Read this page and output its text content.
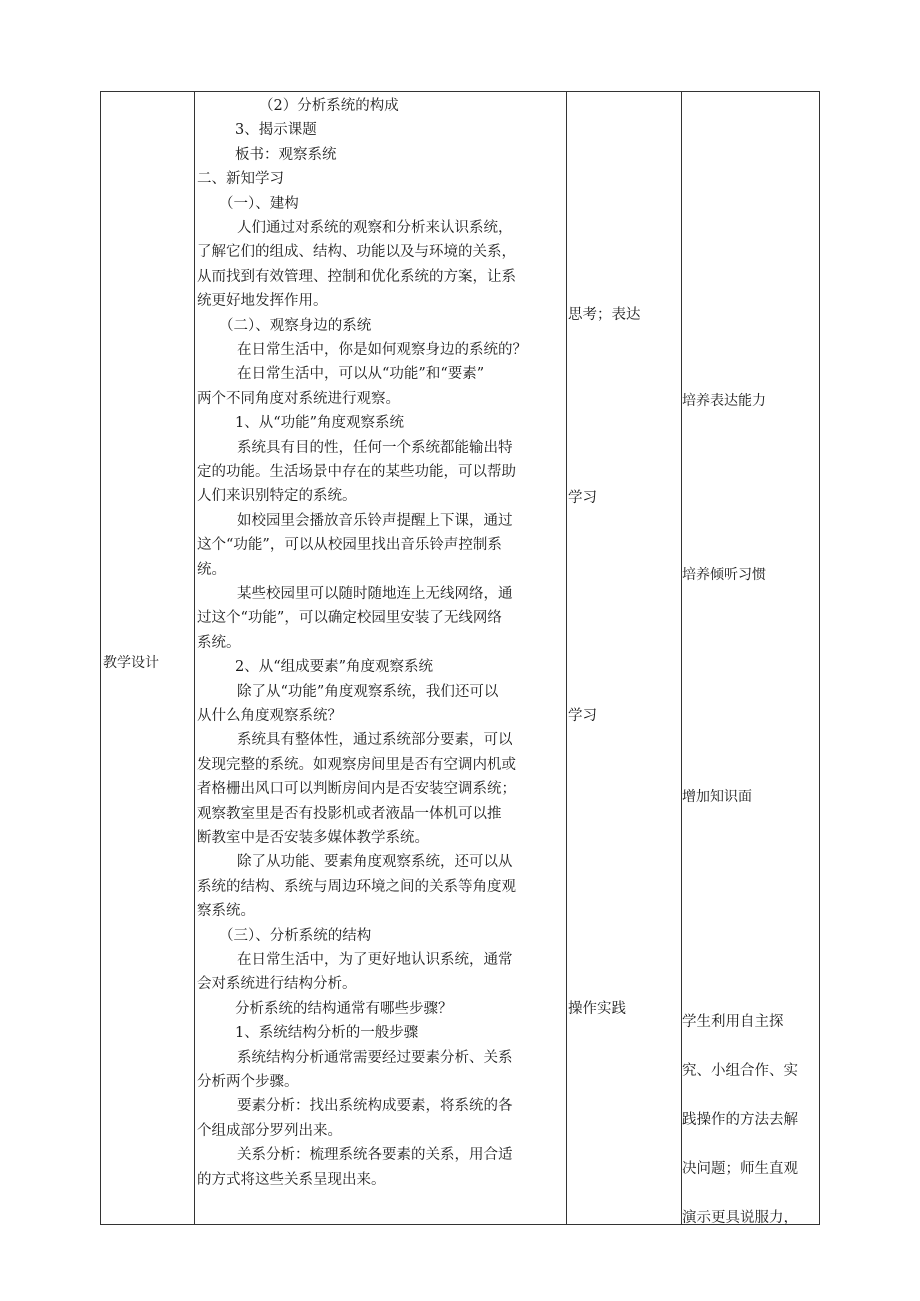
教学设计
（2）分析系统的构成
3、揭示课题
板书：观察系统
二、新知学习
（一）、建构
人们通过对系统的观察和分析来认识系统，
了解它们的组成、结构、功能以及与环境的关系，
从而找到有效管理、控制和优化系统的方案，让系
统更好地发挥作用。
（二）、观察身边的系统
在日常生活中，你是如何观察身边的系统的？
在日常生活中，可以从“功能”和“要素”
两个不同角度对系统进行观察。
1、从“功能”角度观察系统
系统具有目的性，任何一个系统都能输出特
定的功能。生活场景中存在的某些功能，可以帮助
人们来识别特定的系统。
如校园里会播放音乐铃声提醒上下课，通过
这个“功能”，可以从校园里找出音乐铃声控制系
统。
某些校园里可以随时随地连上无线网络，通
过这个“功能”，可以确定校园里安装了无线网络
系统。
2、从“组成要素”角度观察系统
除了从“功能”角度观察系统，我们还可以
从什么角度观察系统？
系统具有整体性，通过系统部分要素，可以
发现完整的系统。如观察房间里是否有空调内机或
者格栅出风口可以判断房间内是否安装空调系统；
观察教室里是否有投影机或者液晶一体机可以推
断教室中是否安装多媒体教学系统。
除了从功能、要素角度观察系统，还可以从
系统的结构、系统与周边环境之间的关系等角度观
察系统。
（三）、分析系统的结构
在日常生活中，为了更好地认识系统，通常
会对系统进行结构分析。
分析系统的结构通常有哪些步骤？
1、系统结构分析的一般步骤
系统结构分析通常需要经过要素分析、关系
分析两个步骤。
要素分析：找出系统构成要素，将系统的各
个组成部分罗列出来。
关系分析：梳理系统各要素的关系，用合适
的方式将这些关系呈现出来。
思考；表达
学习
学习
操作实践
培养表达能力
培养倾听习惯
增加知识面
学生利用自主探
究、小组合作、实
践操作的方法去解
决问题；师生直观
演示更具说服力，
